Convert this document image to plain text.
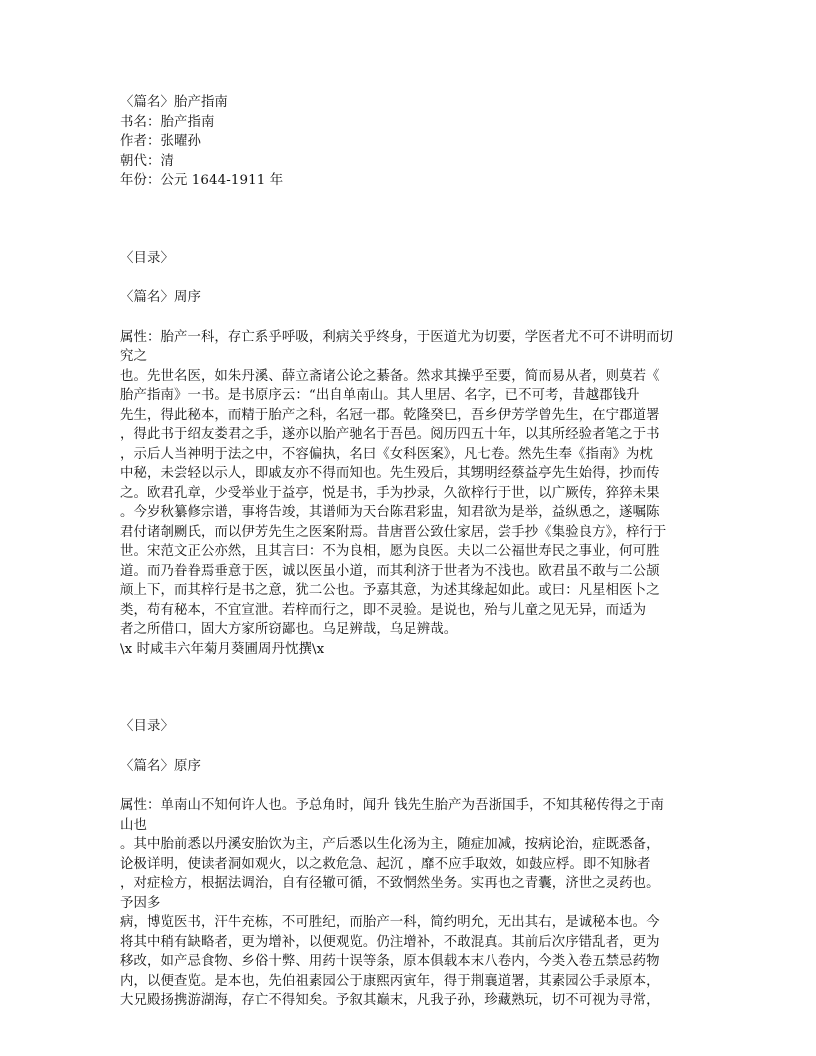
〈篇名〉胎产指南
书名：胎产指南
作者：张曜孙
朝代：清
年份：公元 1644-1911 年
〈目录〉
〈篇名〉周序
属性：胎产一科，存亡系乎呼吸，利病关乎终身，于医道尤为切要，学医者尤不可不讲明而切
究之
也。先世名医，如朱丹溪、薛立斋诸公论之綦备。然求其操乎至要，简而易从者，则莫若《
胎产指南》一书。是书原序云：“出自单南山。其人里居、名字，已不可考，昔越郡钱升
先生，得此秘本，而精于胎产之科，名冠一郡。乾隆癸巳，吾乡伊芳学曾先生，在宁郡道署
，得此书于绍友娄君之手，遂亦以胎产驰名于吾邑。阅历四五十年，以其所经验者笔之于书
，示后人当神明于法之中，不容偏执，名曰《女科医案》，凡七卷。然先生奉《指南》为枕
中秘，未尝轻以示人，即戚友亦不得而知也。先生殁后，其甥明经蔡益亭先生始得，抄而传
之。欧君孔章，少受举业于益亭，悦是书，手为抄录，久欲梓行于世，以广厥传，猝猝未果
。今岁秋纂修宗谱，事将告竣，其谱师为天台陈君彩盅，知君欲为是举，益纵恿之，遂嘱陈
君付诸剞劂氏，而以伊芳先生之医案附焉。昔唐晋公致仕家居，尝手抄《集验良方》，梓行于
世。宋范文正公亦然，且其言曰：不为良相，愿为良医。夫以二公福世寿民之事业，何可胜
道。而乃眷眷焉垂意于医，诚以医虽小道，而其利济于世者为不浅也。欧君虽不敢与二公颉
颃上下，而其梓行是书之意，犹二公也。予嘉其意，为述其缘起如此。或曰：凡星相医卜之
类，苟有秘本，不宜宣泄。若梓而行之，即不灵验。是说也，殆与儿童之见无异，而适为
者之所借口，固大方家所窃鄙也。乌足辨哉，乌足辨哉。
\x 时咸丰六年菊月葵圃周丹忱撰\x
〈目录〉
〈篇名〉原序
属性：单南山不知何许人也。予总角时，闻升 钱先生胎产为吾浙国手，不知其秘传得之于南
山也
。其中胎前悉以丹溪安胎饮为主，产后悉以生化汤为主，随症加减，按病论治，症既悉备，
论极详明，使读者洞如观火，以之救危急、起沉 ，靡不应手取效，如鼓应桴。即不知脉者
，对症检方，根据法调治，自有径辙可循，不致惘然坐务。实再也之青囊，济世之灵药也。
予因多
病，博览医书，汗牛充栋，不可胜纪，而胎产一科，简约明允，无出其右，是诚秘本也。今
将其中稍有缺略者，更为增补，以便观览。仍注增补，不敢混真。其前后次序错乱者，更为
移改，如产忌食物、乡俗十弊、用药十误等条，原本俱载本末八卷内，今类入卷五禁忌药物
内，以便查览。是本也，先伯祖素园公于康熙丙寅年，得于荆襄道署，其素园公手录原本，
大兄殿扬携游湖海，存亡不得知矣。予叙其巅末，凡我子孙，珍藏熟玩，切不可视为寻常，
